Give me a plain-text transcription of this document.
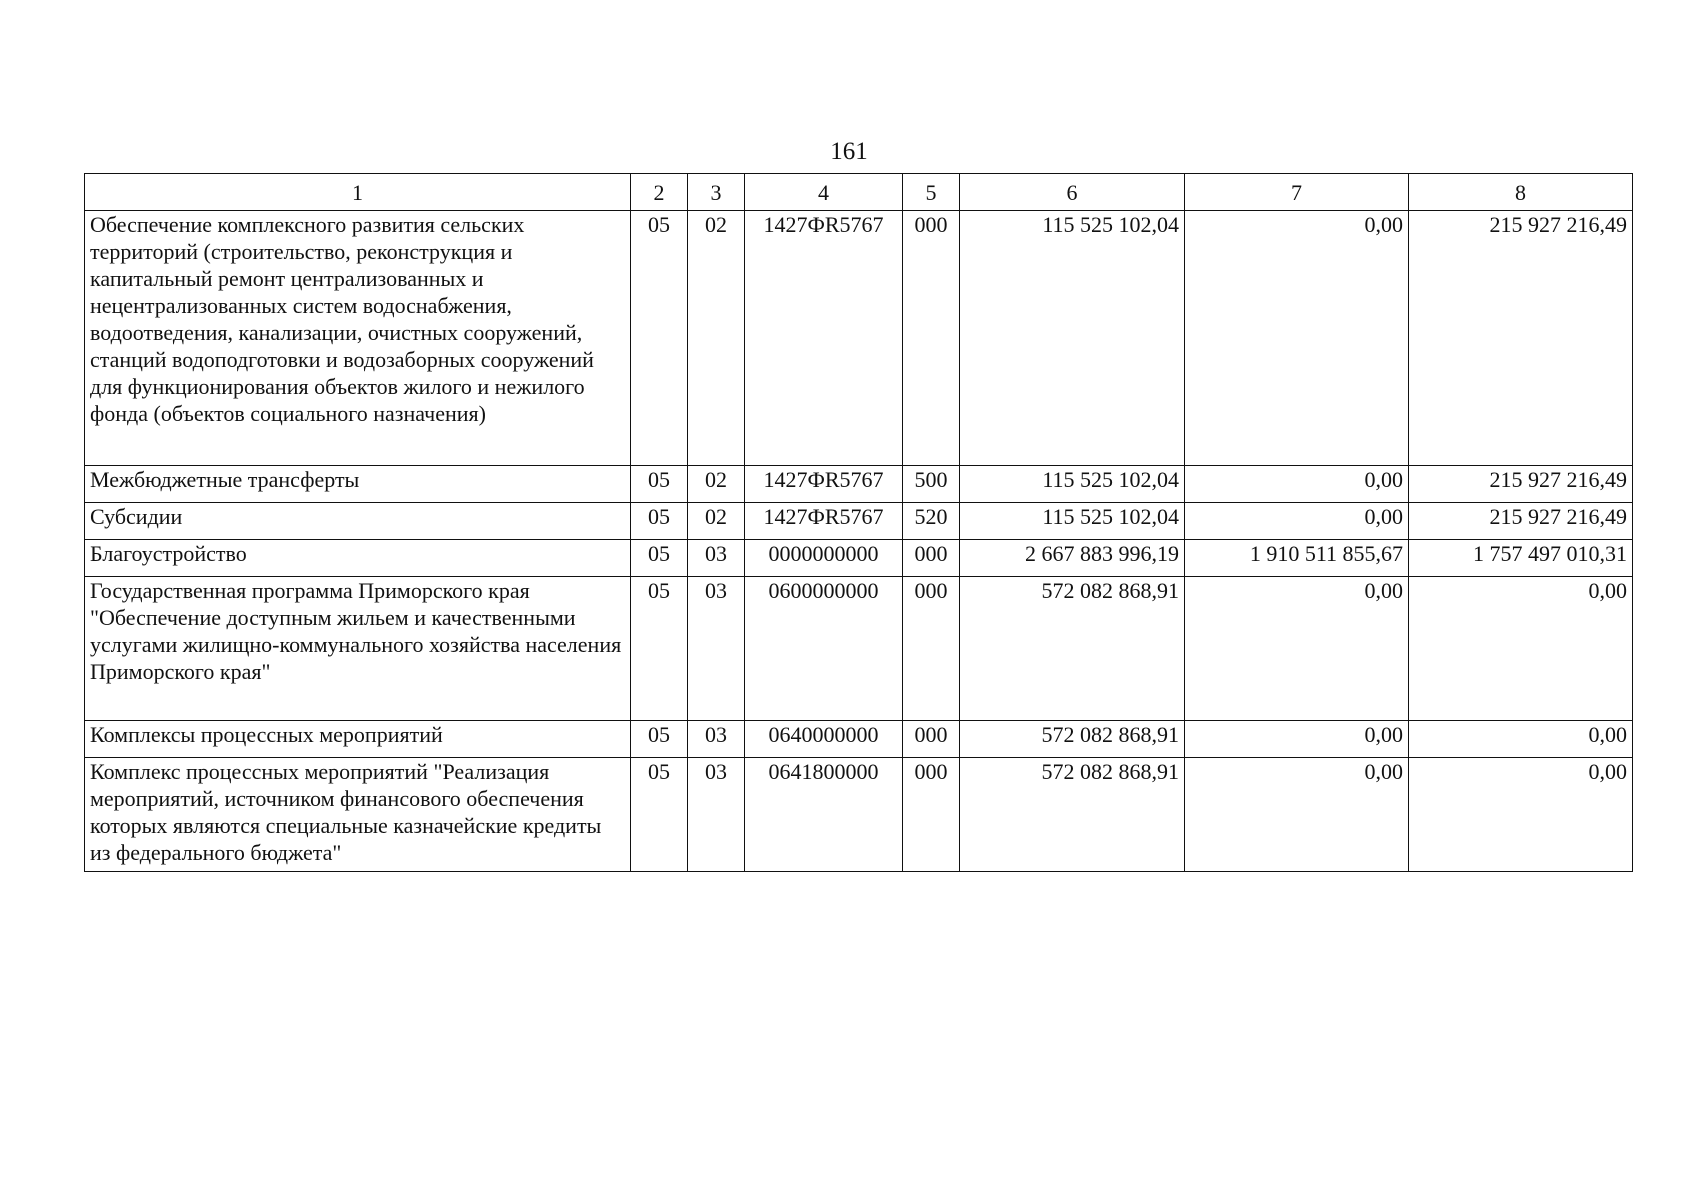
161
1	2	3	4	5	6	7	8
Обеспечение комплексного развития сельских территорий (строительство, реконструкция и капитальный ремонт централизованных и нецентрализованных систем водоснабжения, водоотведения, канализации, очистных сооружений, станций водоподготовки и водозаборных сооружений для функционирования объектов жилого и нежилого фонда (объектов социального назначения)	05	02	1427ФR5767	000	115 525 102,04	0,00	215 927 216,49
Межбюджетные трансферты	05	02	1427ФR5767	500	115 525 102,04	0,00	215 927 216,49
Субсидии	05	02	1427ФR5767	520	115 525 102,04	0,00	215 927 216,49
Благоустройство	05	03	0000000000	000	2 667 883 996,19	1 910 511 855,67	1 757 497 010,31
Государственная программа Приморского края "Обеспечение доступным жильем и качественными услугами жилищно-коммунального хозяйства населения Приморского края"	05	03	0600000000	000	572 082 868,91	0,00	0,00
Комплексы процессных мероприятий	05	03	0640000000	000	572 082 868,91	0,00	0,00
Комплекс процессных мероприятий "Реализация мероприятий, источником финансового обеспечения которых являются специальные казначейские кредиты из федерального бюджета"	05	03	0641800000	000	572 082 868,91	0,00	0,00
